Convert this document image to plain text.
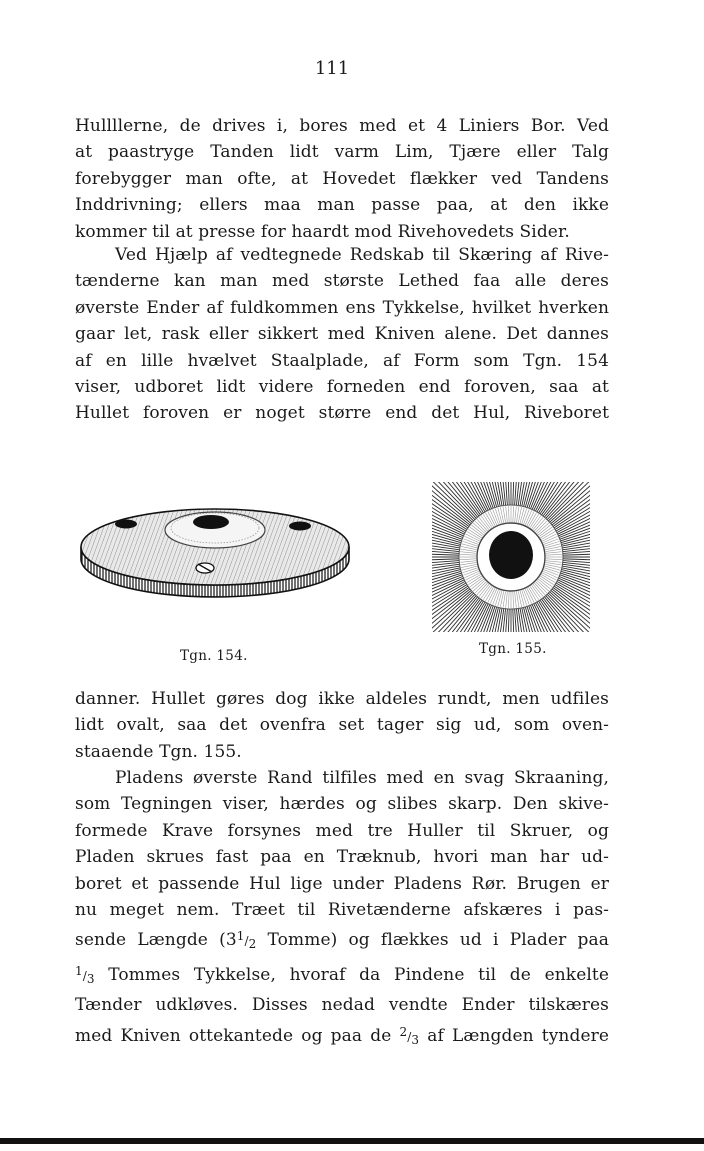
111
Hullllerne, de drives i, bores med et 4 Liniers Bor. Ved
at paastryge Tanden lidt varm Lim, Tjære eller Talg
forebygger man ofte, at Hovedet flækker ved Tandens
Inddrivning; ellers maa man passe paa, at den ikke
kommer til at presse for haardt mod Rivehovedets Sider.
Ved Hjælp af vedtegnede Redskab til Skæring af Rive-
tænderne kan man med største Lethed faa alle deres
øverste Ender af fuldkommen ens Tykkelse, hvilket hverken
gaar let, rask eller sikkert med Kniven alene. Det dannes
af en lille hvælvet Staalplade, af Form som Tgn. 154
viser, udboret lidt videre forneden end foroven, saa at
Hullet foroven er noget større end det Hul, Riveboret
Tgn. 154.	Tgn. 155.
danner. Hullet gøres dog ikke aldeles rundt, men udfiles
lidt ovalt, saa det ovenfra set tager sig ud, som oven-
staaende Tgn. 155.
Pladens øverste Rand tilfiles med en svag Skraaning,
som Tegningen viser, hærdes og slibes skarp. Den skive-
formede Krave forsynes med tre Huller til Skruer, og
Pladen skrues fast paa en Træknub, hvori man har ud-
boret et passende Hul lige under Pladens Rør. Brugen er
nu meget nem. Træet til Rivetænderne afskæres i pas-
sende Længde (31/2 Tomme) og flækkes ud i Plader paa
1/3 Tommes Tykkelse, hvoraf da Pindene til de enkelte
Tænder udkløves. Disses nedad vendte Ender tilskæres
med Kniven ottekantede og paa de 2/3 af Længden tyndere
